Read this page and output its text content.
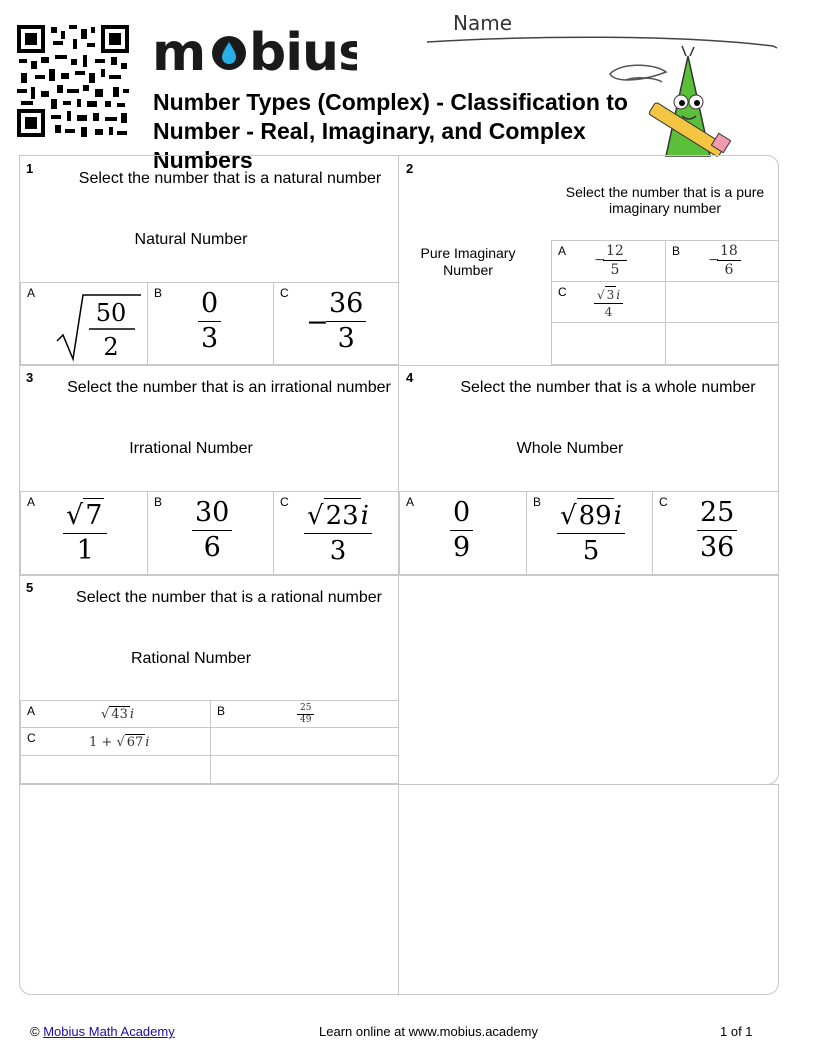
m bius	Name
Number Types (Complex) - Classification to Number - Real, Imaginary, and Complex Numbers
1
Select the number that is a natural number
Natural Number
A
50
2
B 0
3
C
−
36
3
2
Select the number that is a pure imaginary number
Pure Imaginary Number
A
−
12
5
B
−
18
6
C	√ 3 i
4
3
Select the number that is an irrational number
Irrational Number
A √ 7
1
B 30
6
C √ 23 i
3
4
Select the number that is a whole number
Whole Number
A 0
9
B √ 89 i
5
C 25
36
5
Select the number that is a rational number
Rational Number
A	√ 43 i	B	25
49
C	1 + √ 67 i
© Mobius Math Academy	Learn online at www.mobius.academy	1 of 1
